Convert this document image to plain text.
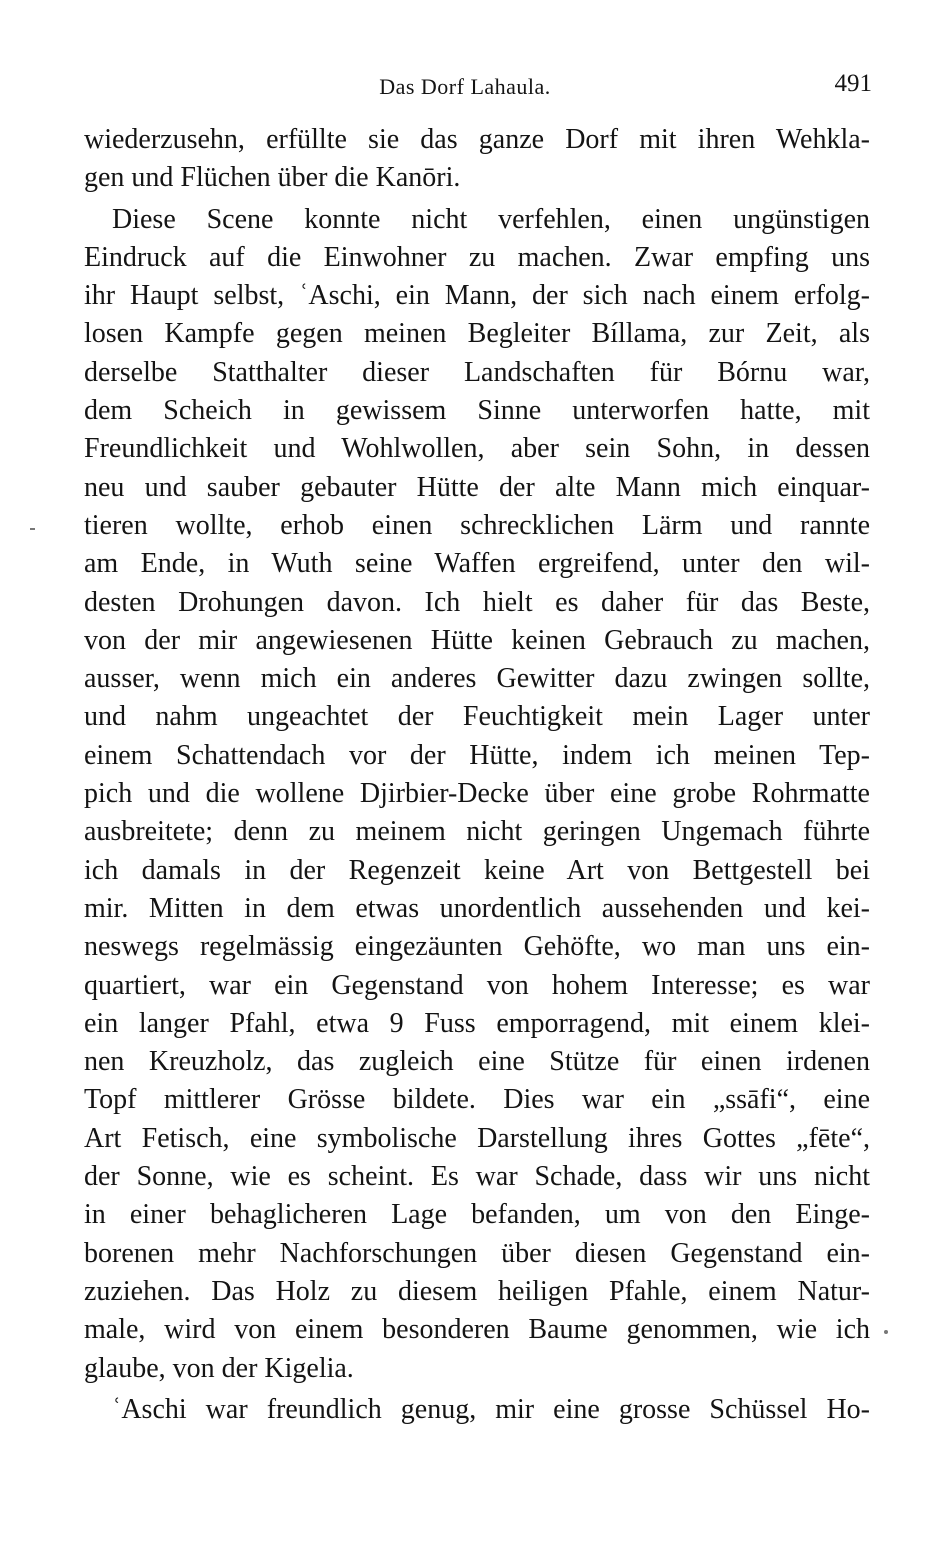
Das Dorf Lahaula.	491
wiederzusehn, erfüllte sie das ganze Dorf mit ihren Wehkla-
gen und Flüchen über die Kanōri.
Diese Scene konnte nicht verfehlen, einen ungünstigen
Eindruck auf die Einwohner zu machen. Zwar empfing uns
ihr Haupt selbst, ʿAschi, ein Mann, der sich nach einem erfolg-
losen Kampfe gegen meinen Begleiter Bíllama, zur Zeit, als
derselbe Statthalter dieser Landschaften für Bórnu war,
dem Scheich in gewissem Sinne unterworfen hatte, mit
Freundlichkeit und Wohlwollen, aber sein Sohn, in dessen
neu und sauber gebauter Hütte der alte Mann mich einquar-
tieren wollte, erhob einen schrecklichen Lärm und rannte
am Ende, in Wuth seine Waffen ergreifend, unter den wil-
desten Drohungen davon. Ich hielt es daher für das Beste,
von der mir angewiesenen Hütte keinen Gebrauch zu machen,
ausser, wenn mich ein anderes Gewitter dazu zwingen sollte,
und nahm ungeachtet der Feuchtigkeit mein Lager unter
einem Schattendach vor der Hütte, indem ich meinen Tep-
pich und die wollene Djirbier-Decke über eine grobe Rohrmatte
ausbreitete; denn zu meinem nicht geringen Ungemach führte
ich damals in der Regenzeit keine Art von Bettgestell bei
mir. Mitten in dem etwas unordentlich aussehenden und kei-
neswegs regelmässig eingezäunten Gehöfte, wo man uns ein-
quartiert, war ein Gegenstand von hohem Interesse; es war
ein langer Pfahl, etwa 9 Fuss emporragend, mit einem klei-
nen Kreuzholz, das zugleich eine Stütze für einen irdenen
Topf mittlerer Grösse bildete. Dies war ein „ssāfi“, eine
Art Fetisch, eine symbolische Darstellung ihres Gottes „fēte“,
der Sonne, wie es scheint. Es war Schade, dass wir uns nicht
in einer behaglicheren Lage befanden, um von den Einge-
borenen mehr Nachforschungen über diesen Gegenstand ein-
zuziehen. Das Holz zu diesem heiligen Pfahle, einem Natur-
male, wird von einem besonderen Baume genommen, wie ich
glaube, von der Kigelia.
ʿAschi war freundlich genug, mir eine grosse Schüssel Ho-
